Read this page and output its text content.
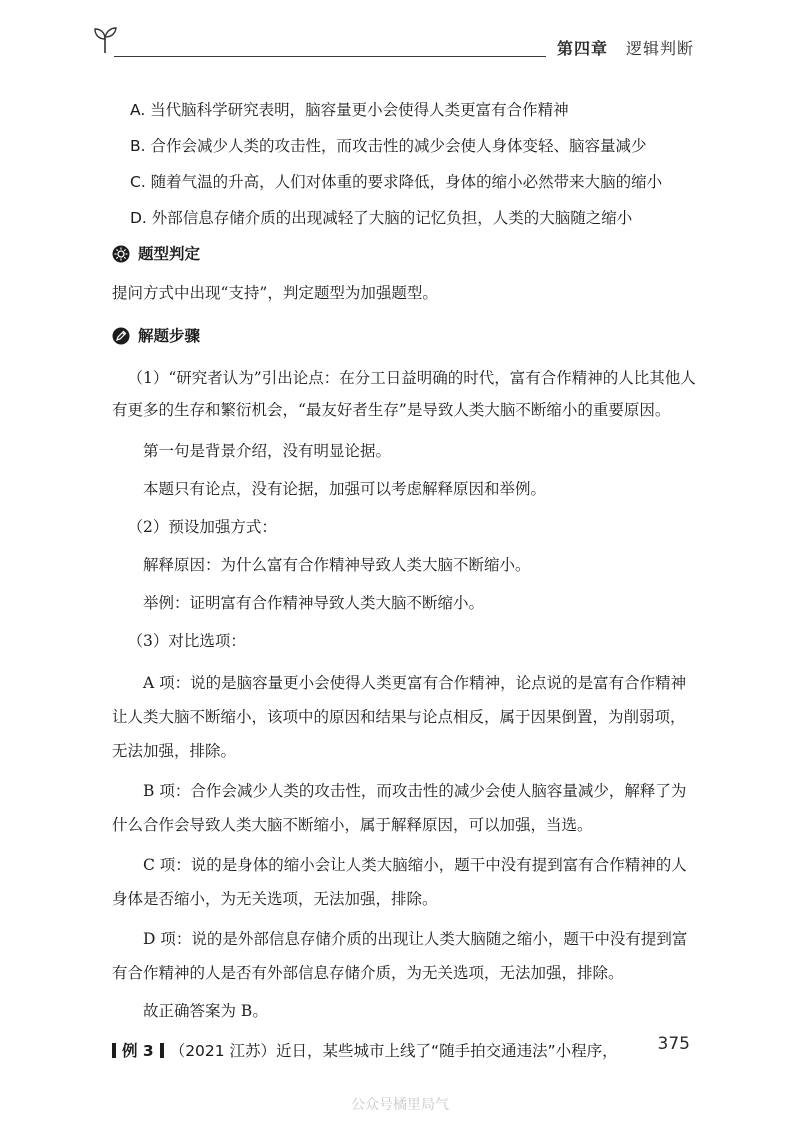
第四章 逻辑判断
A. 当代脑科学研究表明，脑容量更小会使得人类更富有合作精神
B. 合作会减少人类的攻击性，而攻击性的减少会使人身体变轻、脑容量减少
C. 随着气温的升高，人们对体重的要求降低，身体的缩小必然带来大脑的缩小
D. 外部信息存储介质的出现减轻了大脑的记忆负担，人类的大脑随之缩小
题型判定

提问方式中出现“支持”，判定题型为加强题型。

解题步骤

（1）“研究者认为”引出论点：在分工日益明确的时代，富有合作精神的人比其他人有更多的生存和繁衍机会，“最友好者生存”是导致人类大脑不断缩小的重要原因。

第一句是背景介绍，没有明显论据。

本题只有论点，没有论据，加强可以考虑解释原因和举例。

（2）预设加强方式：

解释原因：为什么富有合作精神导致人类大脑不断缩小。

举例：证明富有合作精神导致人类大脑不断缩小。

（3）对比选项：

A 项：说的是脑容量更小会使得人类更富有合作精神，论点说的是富有合作精神让人类大脑不断缩小，该项中的原因和结果与论点相反，属于因果倒置，为削弱项，无法加强，排除。

B 项：合作会减少人类的攻击性，而攻击性的减少会使人脑容量减少，解释了为什么合作会导致人类大脑不断缩小，属于解释原因，可以加强，当选。

C 项：说的是身体的缩小会让人类大脑缩小，题干中没有提到富有合作精神的人身体是否缩小，为无关选项，无法加强，排除。

D 项：说的是外部信息存储介质的出现让人类大脑随之缩小，题干中没有提到富有合作精神的人是否有外部信息存储介质，为无关选项，无法加强，排除。

故正确答案为 B。

例 3 （2021 江苏）近日，某些城市上线了“随手拍交通违法”小程序，	375
公众号橘里局气
